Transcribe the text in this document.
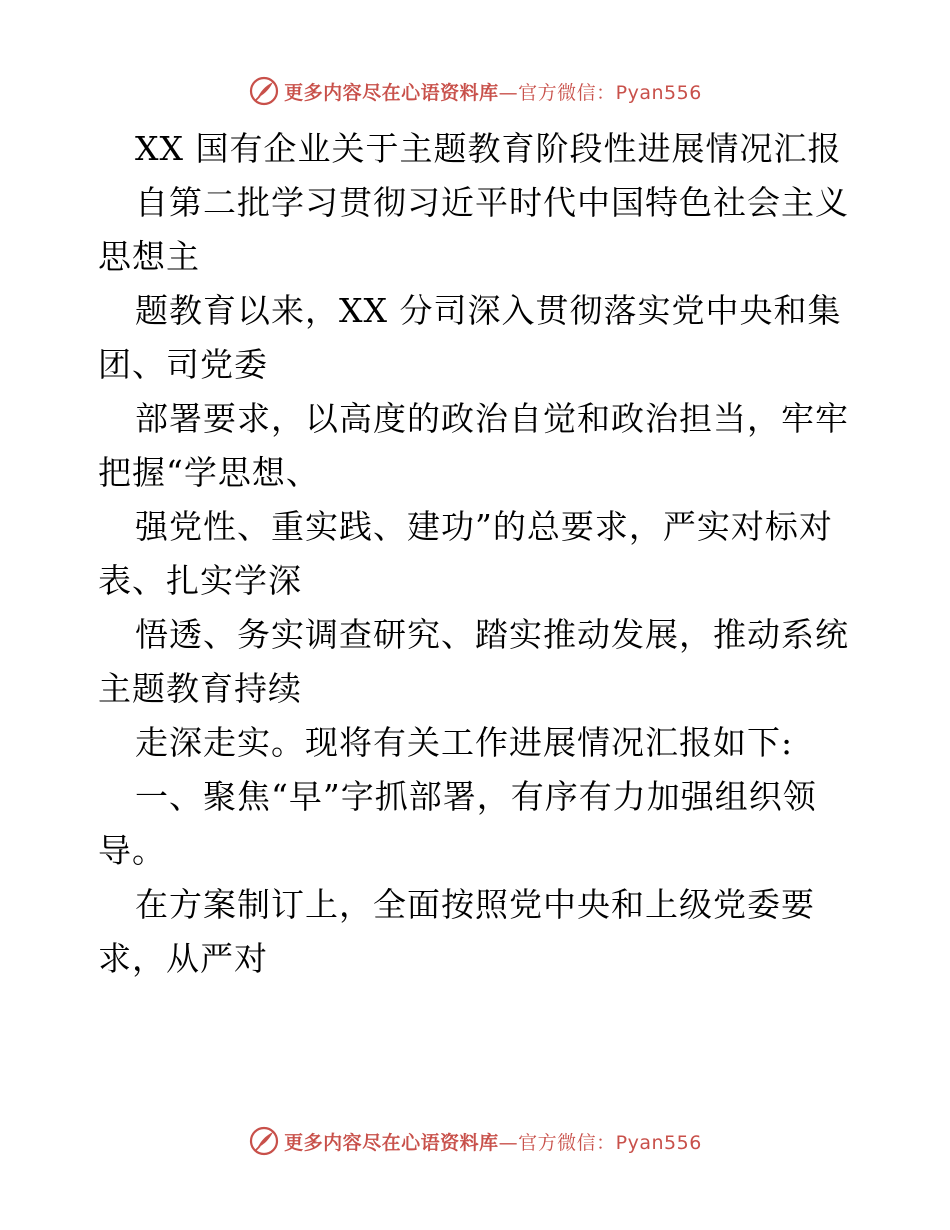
更多内容尽在心语资料库—官方微信：Pyan556
XX 国有企业关于主题教育阶段性进展情况汇报
自第二批学习贯彻习近平时代中国特色社会主义
思想主
题教育以来，XX 分司深入贯彻落实党中央和集
团、司党委
部署要求，以高度的政治自觉和政治担当，牢牢
把握“学思想、
强党性、重实践、建功”的总要求，严实对标对
表、扎实学深
悟透、务实调查研究、踏实推动发展，推动系统
主题教育持续
走深走实。现将有关工作进展情况汇报如下:
一、聚焦“早”字抓部署，有序有力加强组织领
导。
在方案制订上，全面按照党中央和上级党委要
求，从严对
更多内容尽在心语资料库—官方微信：Pyan556
